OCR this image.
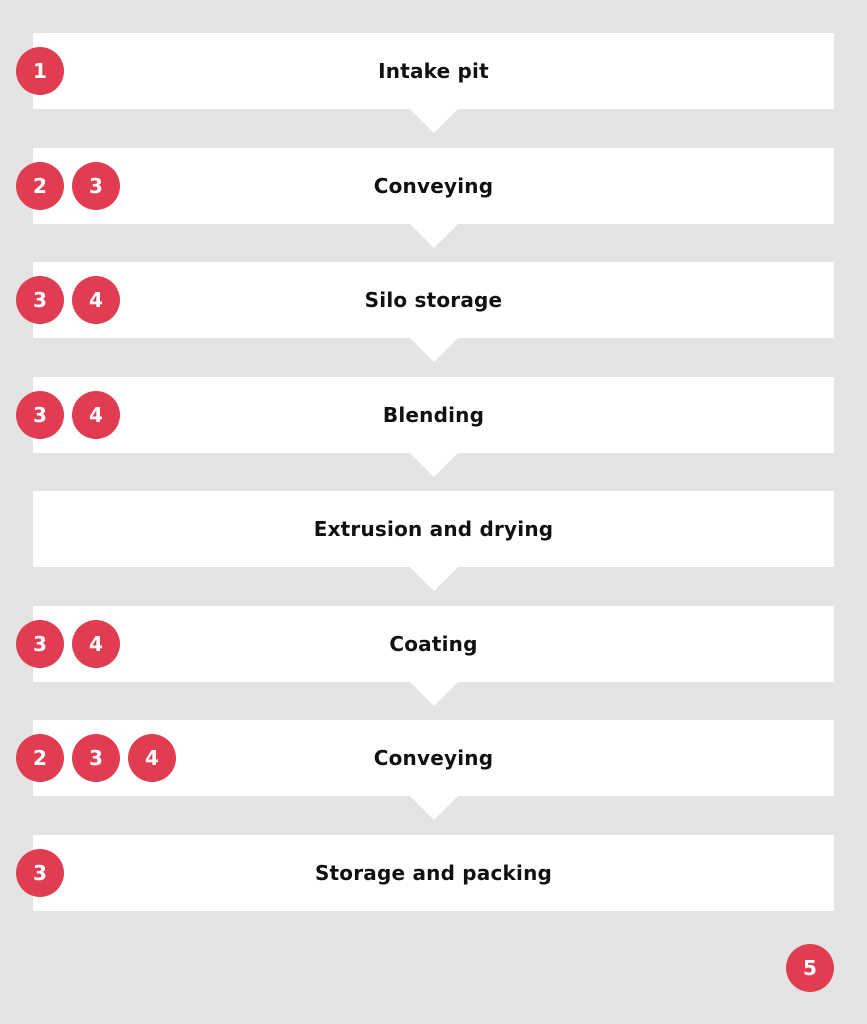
Intake pit
1
Conveying
2	3
Silo storage
3	4
Blending
3	4
Extrusion and drying
Coating
3	4
Conveying
2	3	4
Storage and packing
3
5
